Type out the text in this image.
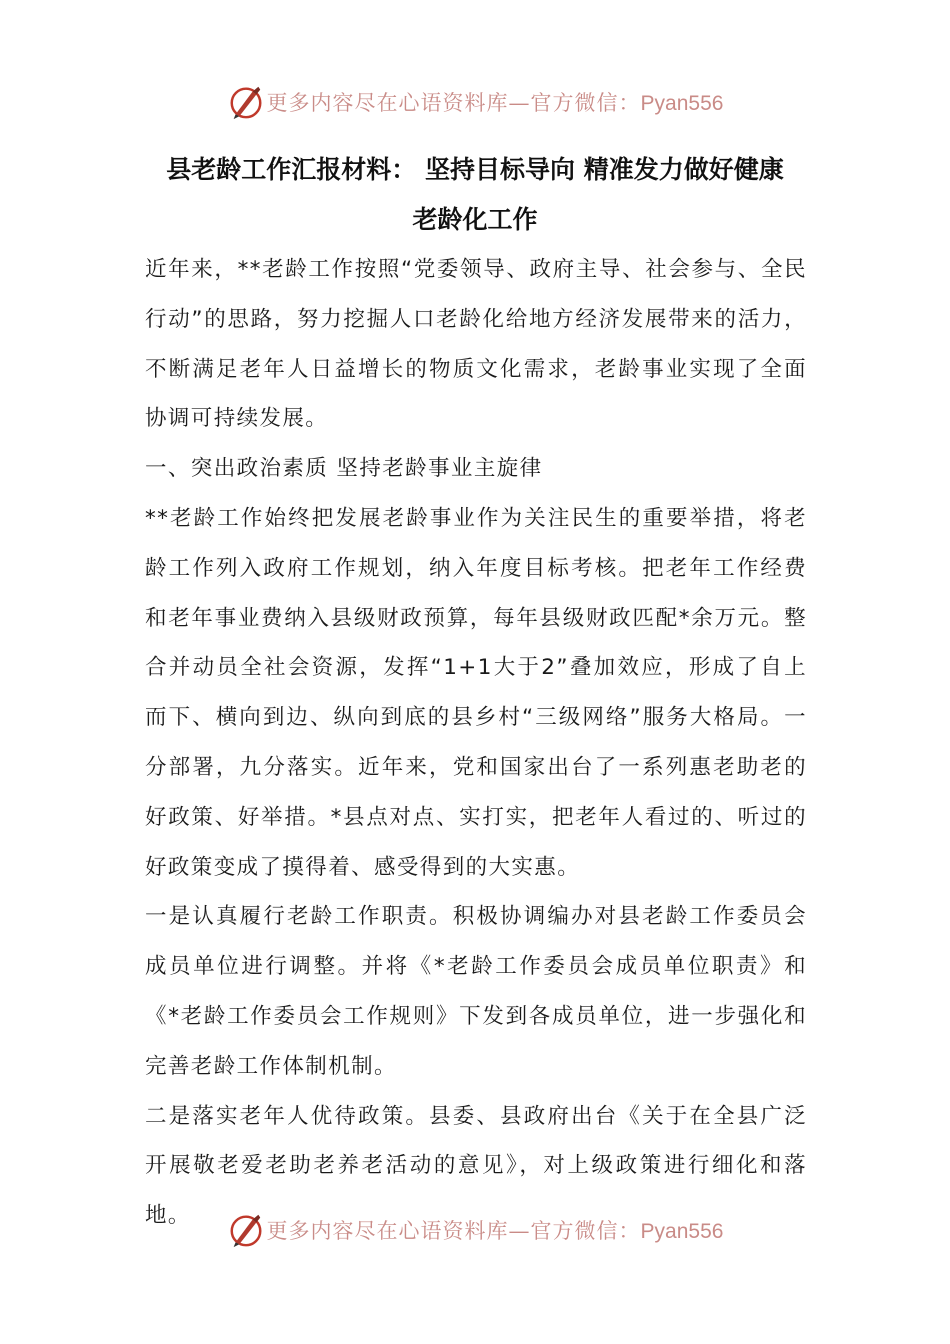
更多内容尽在心语资料库—官方微信：Pyan556
县老龄工作汇报材料： 坚持目标导向 精准发力做好健康
老龄化工作

近年来，**老龄工作按照“党委领导、政府主导、社会参与、全民行动”的思路，努力挖掘人口老龄化给地方经济发展带来的活力，不断满足老年人日益增长的物质文化需求，老龄事业实现了全面协调可持续发展。

一、突出政治素质 坚持老龄事业主旋律

**老龄工作始终把发展老龄事业作为关注民生的重要举措，将老龄工作列入政府工作规划，纳入年度目标考核。把老年工作经费和老年事业费纳入县级财政预算，每年县级财政匹配*余万元。整合并动员全社会资源，发挥“1+1大于2”叠加效应，形成了自上而下、横向到边、纵向到底的县乡村“三级网络”服务大格局。一分部署，九分落实。近年来，党和国家出台了一系列惠老助老的好政策、好举措。*县点对点、实打实，把老年人看过的、听过的好政策变成了摸得着、感受得到的大实惠。

一是认真履行老龄工作职责。积极协调编办对县老龄工作委员会成员单位进行调整。并将《*老龄工作委员会成员单位职责》和《*老龄工作委员会工作规则》下发到各成员单位，进一步强化和完善老龄工作体制机制。

二是落实老年人优待政策。县委、县政府出台《关于在全县广泛开展敬老爱老助老养老活动的意见》，对上级政策进行细化和落地。

更多内容尽在心语资料库—官方微信：Pyan556
